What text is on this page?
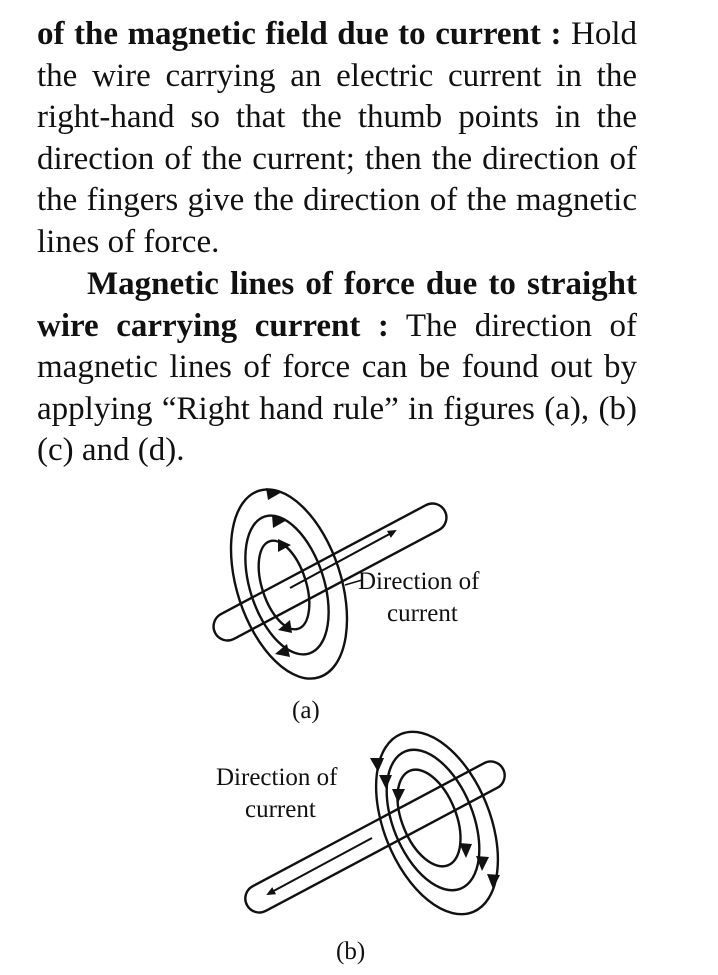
of the magnetic field due to current : Hold the wire carrying an electric current in the right-hand so that the thumb points in the direction of the current; then the direction of the fingers give the direction of the magnetic lines of force.

Magnetic lines of force due to straight wire carrying current : The direction of magnetic lines of force can be found out by applying “Right hand rule” in figures (a), (b) (c) and (d).

Direction of
current
(a)
Direction of
current
(b)
